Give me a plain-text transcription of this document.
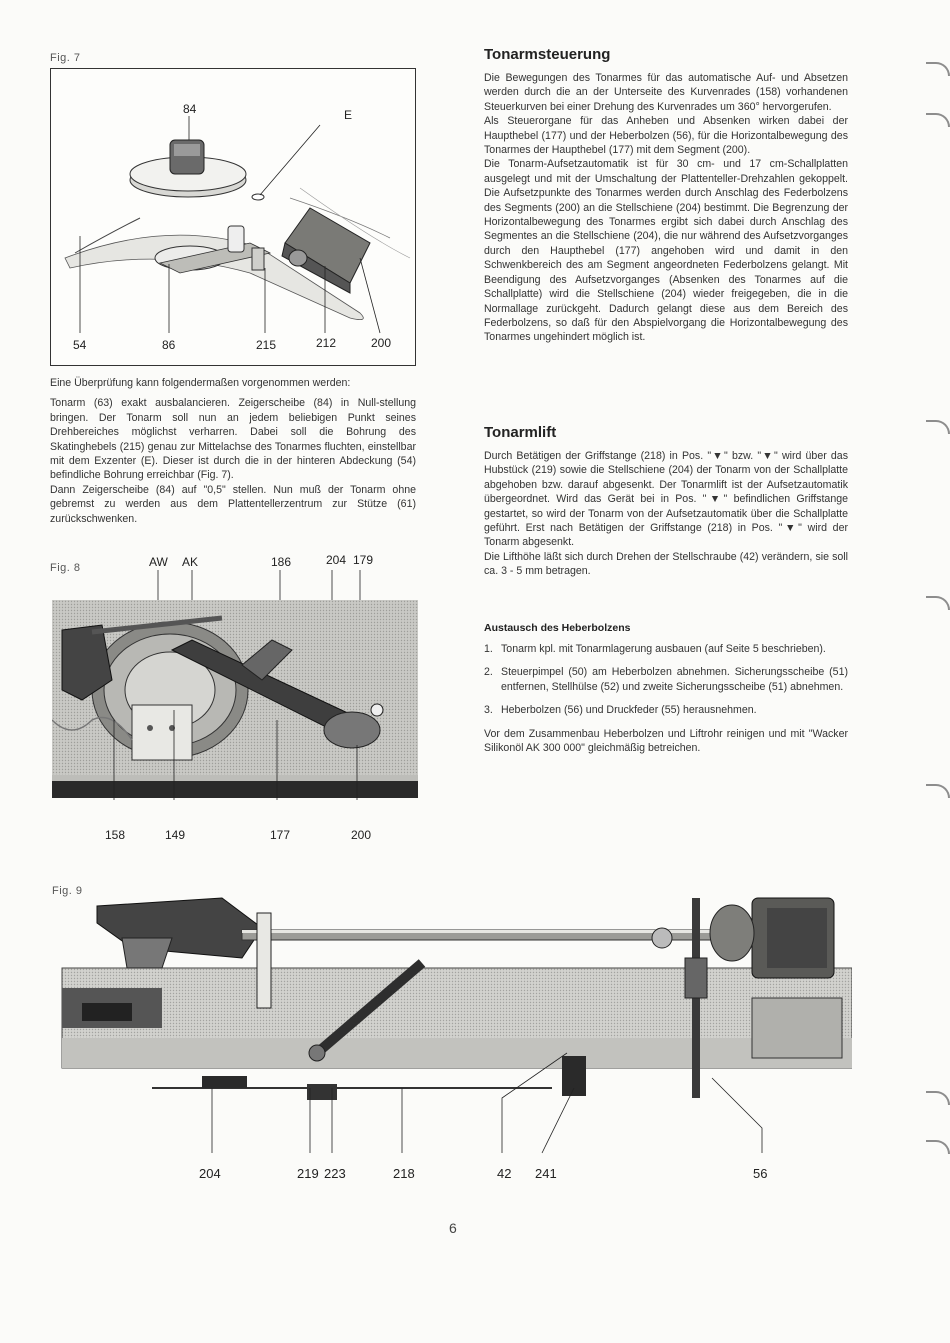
Fig. 7
84	E
54	86	215	212	200

Eine Überprüfung kann folgendermaßen vorgenommen werden:

Tonarm (63) exakt ausbalancieren. Zeigerscheibe (84) in Null-stellung bringen. Der Tonarm soll nun an jedem beliebigen Punkt seines Drehbereiches möglichst verharren. Dabei soll die Bohrung des Skatinghebels (215) genau zur Mittelachse des Tonarmes fluchten, einstellbar mit dem Exzenter (E). Dieser ist durch die in der hinteren Abdeckung (54) befindliche Bohrung erreichbar (Fig. 7).

Dann Zeigerscheibe (84) auf "0,5" stellen. Nun muß der Tonarm ohne gebremst zu werden aus dem Plattentellerzentrum zur Stütze (61) zurückschwenken.

Fig. 8	AW AK	186	204 179
158	149	177	200
Tonarmsteuerung

Die Bewegungen des Tonarmes für das automatische Auf- und Absetzen werden durch die an der Unterseite des Kurvenrades (158) vorhandenen Steuerkurven bei einer Drehung des Kurvenrades um 360° hervorgerufen.

Als Steuerorgane für das Anheben und Absenken wirken dabei der Haupthebel (177) und der Heberbolzen (56), für die Horizontalbewegung des Tonarmes der Haupthebel (177) mit dem Segment (200).

Die Tonarm-Aufsetzautomatik ist für 30 cm- und 17 cm-Schallplatten ausgelegt und mit der Umschaltung der Plattenteller-Drehzahlen gekoppelt. Die Aufsetzpunkte des Tonarmes werden durch Anschlag des Federbolzens des Segments (200) an die Stellschiene (204) bestimmt. Die Begrenzung der Horizontalbewegung des Tonarmes ergibt sich dabei durch Anschlag des Segmentes an die Stellschiene (204), die nur während des Aufsetzvorganges durch den Haupthebel (177) angehoben wird und damit in den Schwenkbereich des am Segment angeordneten Federbolzens gelangt. Mit Beendigung des Aufsetzvorganges (Absenken des Tonarmes auf die Schallplatte) wird die Stellschiene (204) wieder freigegeben, die in die Normallage zurückgeht. Dadurch gelangt diese aus dem Bereich des Federbolzens, so daß für den Abspielvorgang die Horizontalbewegung des Tonarmes ungehindert möglich ist.

Tonarmlift

Durch Betätigen der Griffstange (218) in Pos. "▼" bzw. "▼" wird über das Hubstück (219) sowie die Stellschiene (204) der Tonarm von der Schallplatte abgehoben bzw. darauf abgesenkt. Der Tonarmlift ist der Aufsetzautomatik übergeordnet. Wird das Gerät bei in Pos. "▼" befindlichen Griffstange gestartet, so wird der Tonarm von der Aufsetzautomatik über die Schallplatte geführt. Erst nach Betätigen der Griffstange (218) in Pos. "▼" wird der Tonarm abgesenkt.

Die Lifthöhe läßt sich durch Drehen der Stellschraube (42) verändern, sie soll ca. 3 - 5 mm betragen.

Austausch des Heberbolzens
1. Tonarm kpl. mit Tonarmlagerung ausbauen (auf Seite 5 beschrieben).
2. Steuerpimpel (50) am Heberbolzen abnehmen. Sicherungsscheibe (51) entfernen, Stellhülse (52) und zweite Sicherungsscheibe (51) abnehmen.
3. Heberbolzen (56) und Druckfeder (55) herausnehmen.

Vor dem Zusammenbau Heberbolzen und Liftrohr reinigen und mit "Wacker Silikonöl AK 300 000" gleichmäßig betreichen.

Fig. 9
204	219 223	218	42 241	56
6
